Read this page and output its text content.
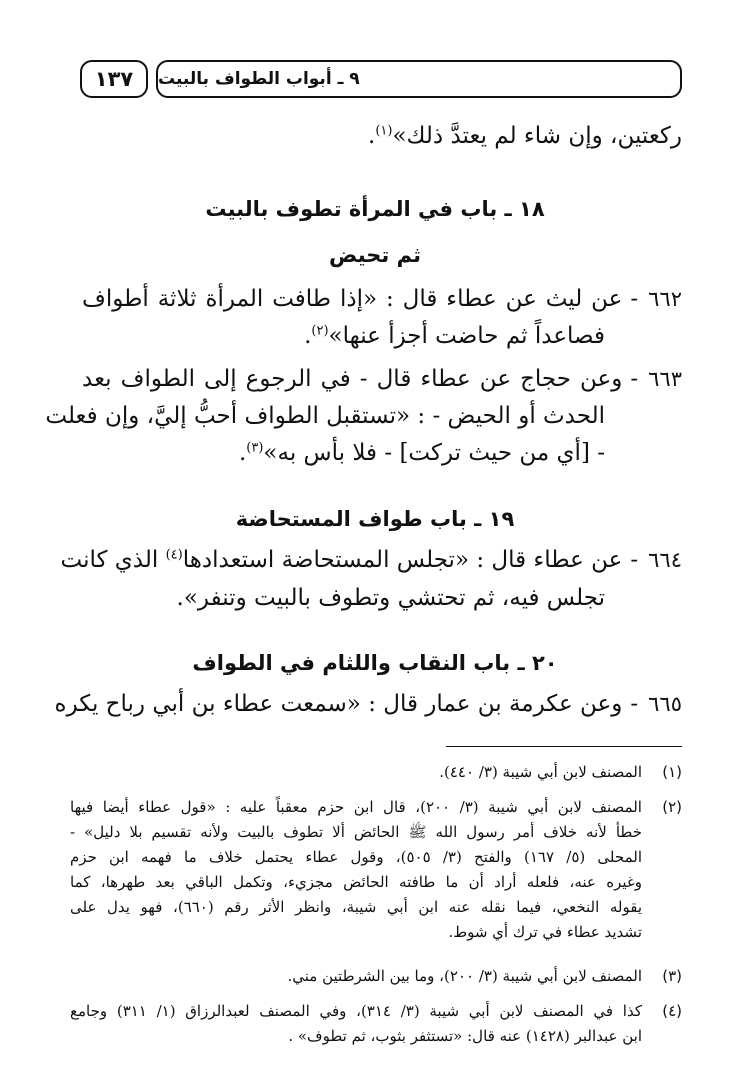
١٣٧ ٩ ـ أبواب الطواف بالبيت
ركعتين، وإن شاء لم يعتدَّ ذلك»$^{(١)}$.
١٨ ـ باب في المرأة تطوف بالبيت
ثم تحيض
٦٦٢-عن ليث عن عطاء قال : «إذا طافت المرأة ثلاثة أطواف
فصاعداً ثم حاضت أجزأ عنها»$^{(٢)}$.
٦٦٣-وعن حجاج عن عطاء قال - في الرجوع إلى الطواف بعد
الحدث أو الحيض - : «تستقبل الطواف أحبُّ إليَّ، وإن فعلت
- [أي من حيث تركت] - فلا بأس به»$^{(٣)}$.
١٩ ـ باب طواف المستحاضة
٦٦٤-عن عطاء قال : «تجلس المستحاضة استعدادها$^{(٤)}$ الذي كانت
تجلس فيه، ثم تحتشي وتطوف بالبيت وتنفر».
٢٠ ـ باب النقاب واللثام في الطواف
٦٦٥-وعن عكرمة بن عمار قال : «سمعت عطاء بن أبي رباح يكره
(١)
المصنف لابن أبي شيبة (٣/ ٤٤٠).
(٢)
المصنف لابن أبي شيبة (٣/ ٢٠٠)، قال ابن حزم معقباً عليه : «قول عطاء أيضا فيها
خطأ لأنه خلاف أمر رسول الله ﷺ الحائض ألا تطوف بالبيت ولأنه تقسيم بلا دليل» -
المحلى (٥/ ١٦٧) والفتح (٣/ ٥٠٥)، وقول عطاء يحتمل خلاف ما فهمه ابن حزم
وغيره عنه، فلعله أراد أن ما طافته الحائض مجزيء، وتكمل الباقي بعد طهرها، كما
يقوله النخعي، فيما نقله عنه ابن أبي شيبة، وانظر الأثر رقم (٦٦٠)، فهو يدل على
تشديد عطاء في ترك أي شوط.
(٣)
المصنف لابن أبي شيبة (٣/ ٢٠٠)، وما بين الشرطتين مني.
(٤)
كذا في المصنف لابن أبي شيبة (٣/ ٣١٤)، وفي المصنف لعبدالرزاق (١/ ٣١١) وجامع
ابن عبدالبر (١٤٢٨) عنه قال: «تستثفر بثوب، ثم تطوف» .
